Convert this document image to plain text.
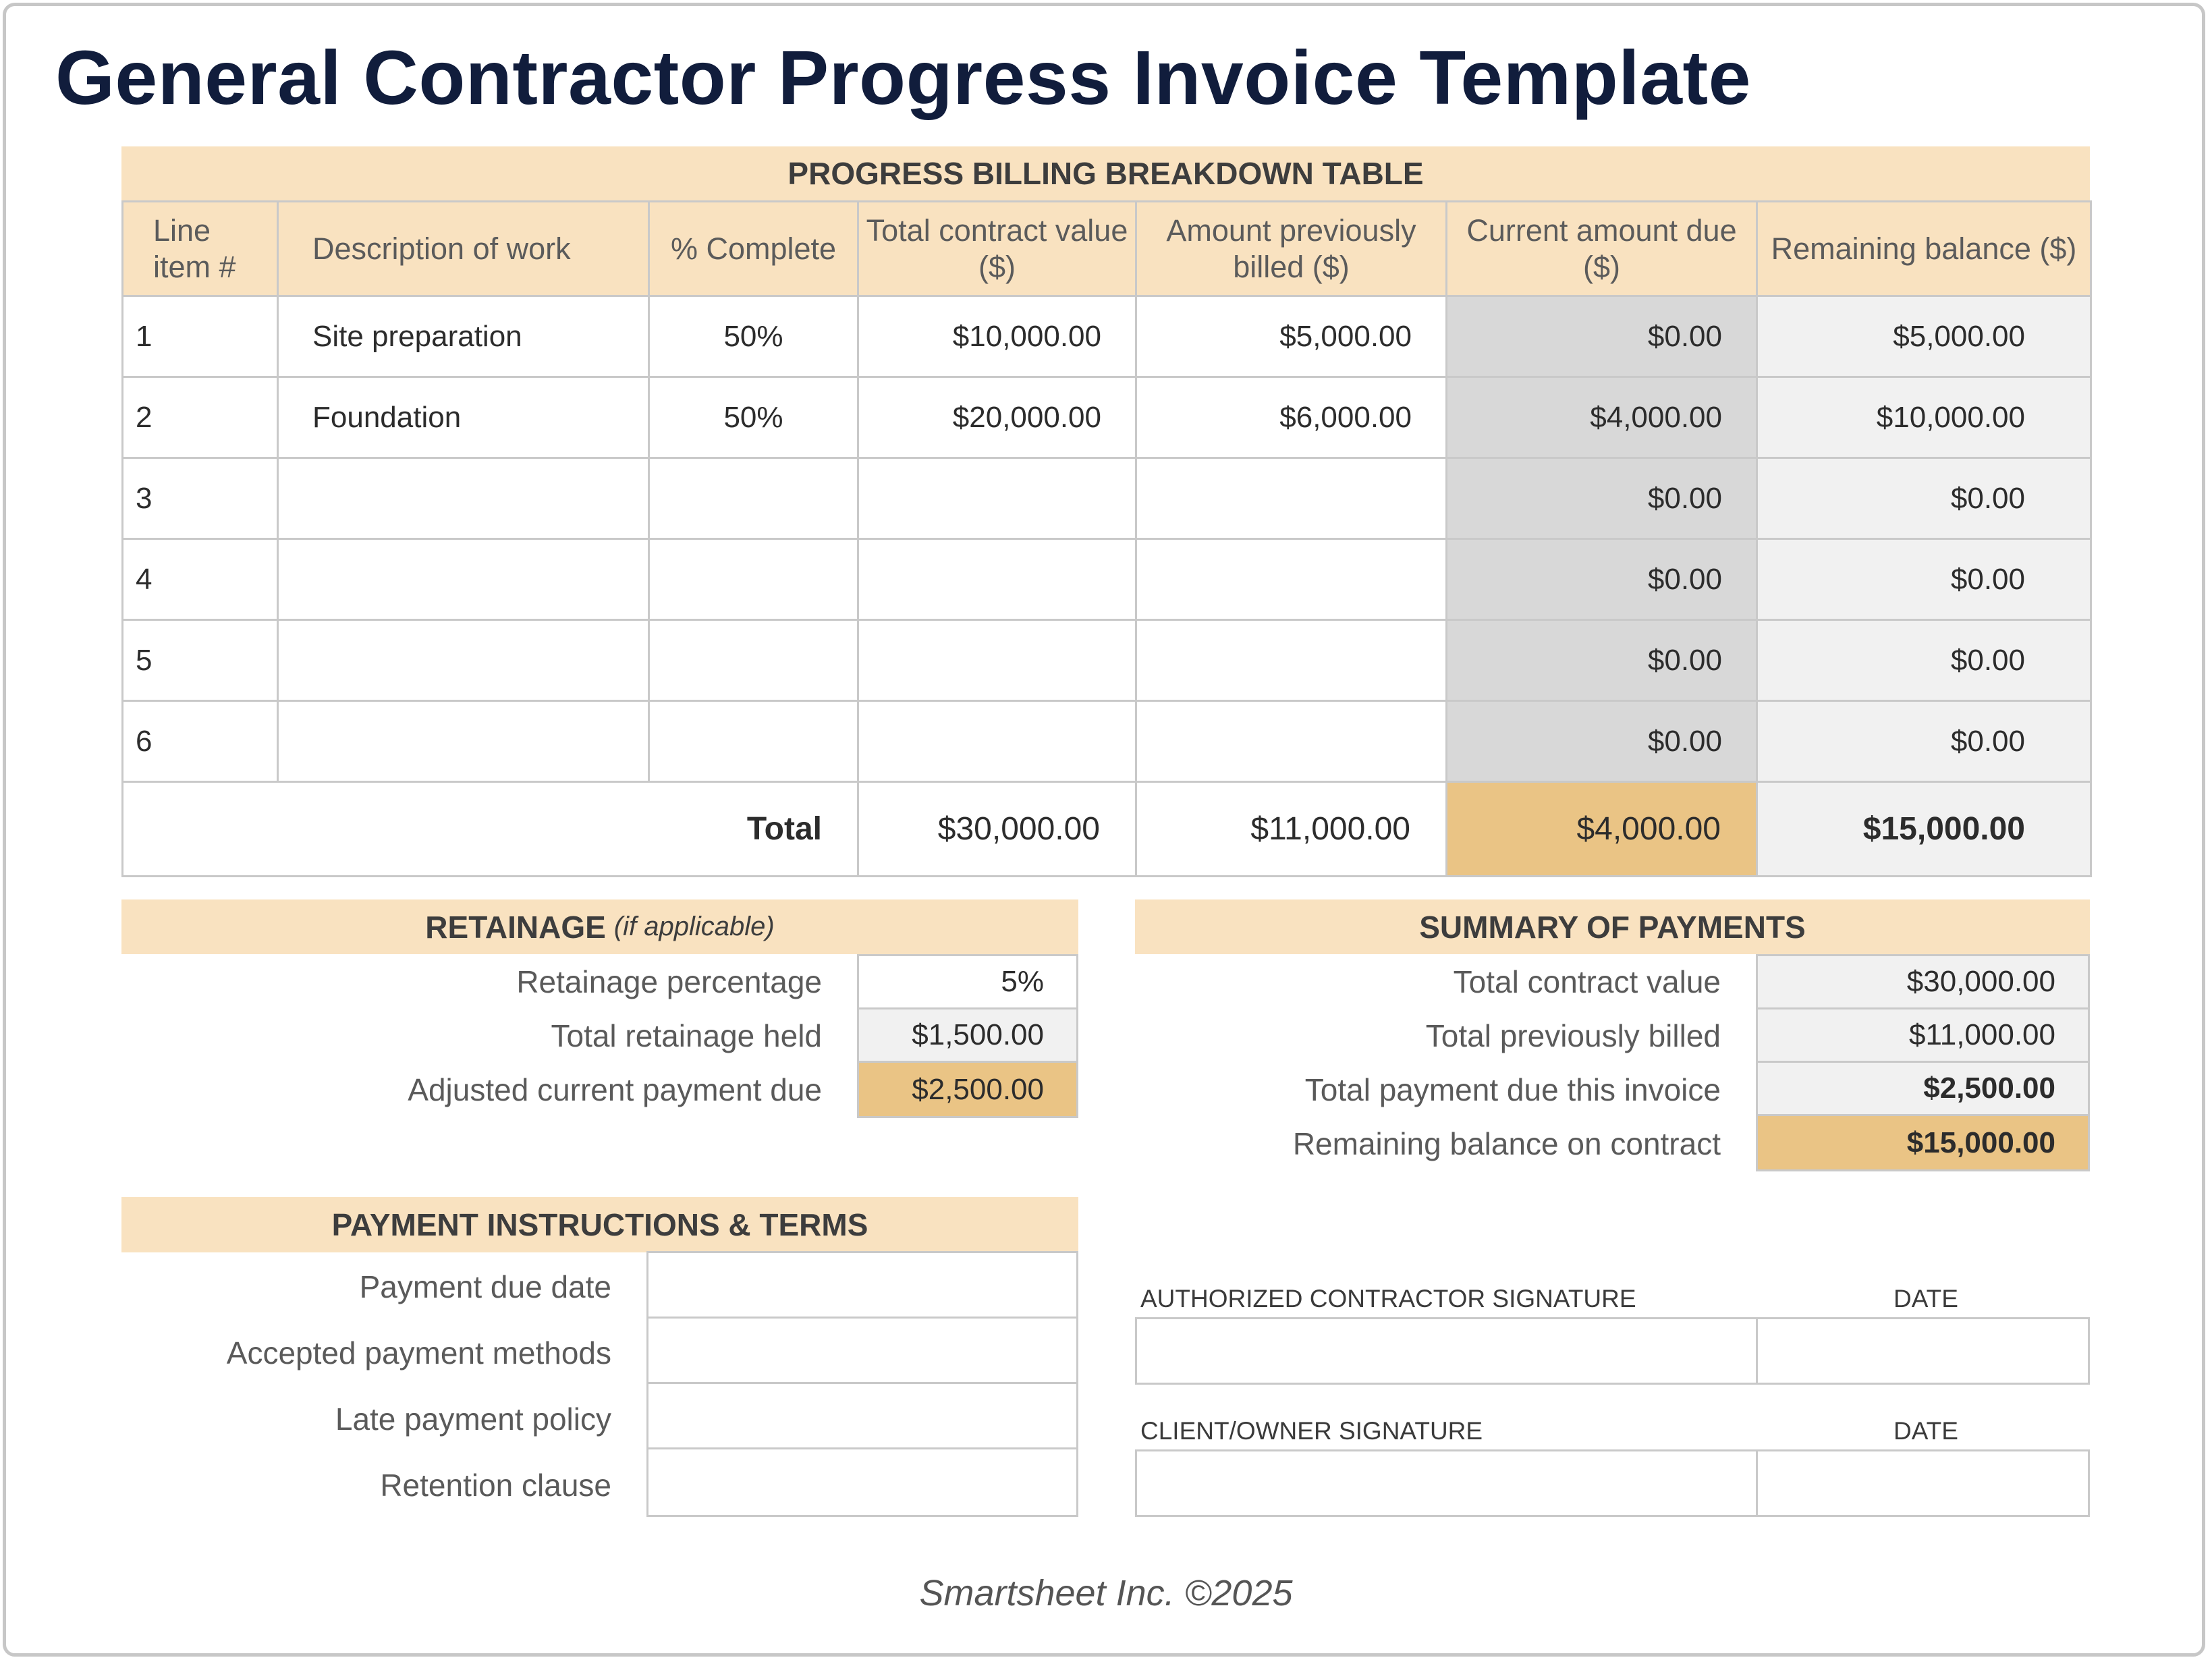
General Contractor Progress Invoice Template
PROGRESS BILLING BREAKDOWN TABLE
Line item #	Description of work	% Complete	Total contract value ($)	Amount previously billed ($)	Current amount due ($)	Remaining balance ($)
1	Site preparation	50%	$10,000.00	$5,000.00	$0.00	$5,000.00
2	Foundation	50%	$20,000.00	$6,000.00	$4,000.00	$10,000.00
3					$0.00	$0.00
4					$0.00	$0.00
5					$0.00	$0.00
6					$0.00	$0.00
Total			$30,000.00	$11,000.00	$4,000.00	$15,000.00
RETAINAGE (if applicable)
Retainage percentage	5%
Total retainage held	$1,500.00
Adjusted current payment due	$2,500.00
SUMMARY OF PAYMENTS
Total contract value	$30,000.00
Total previously billed	$11,000.00
Total payment due this invoice	$2,500.00
Remaining balance on contract	$15,000.00
PAYMENT INSTRUCTIONS & TERMS
Payment due date
Accepted payment methods
Late payment policy
Retention clause
AUTHORIZED CONTRACTOR SIGNATURE	DATE
CLIENT/OWNER SIGNATURE	DATE
Smartsheet Inc. ©2025
